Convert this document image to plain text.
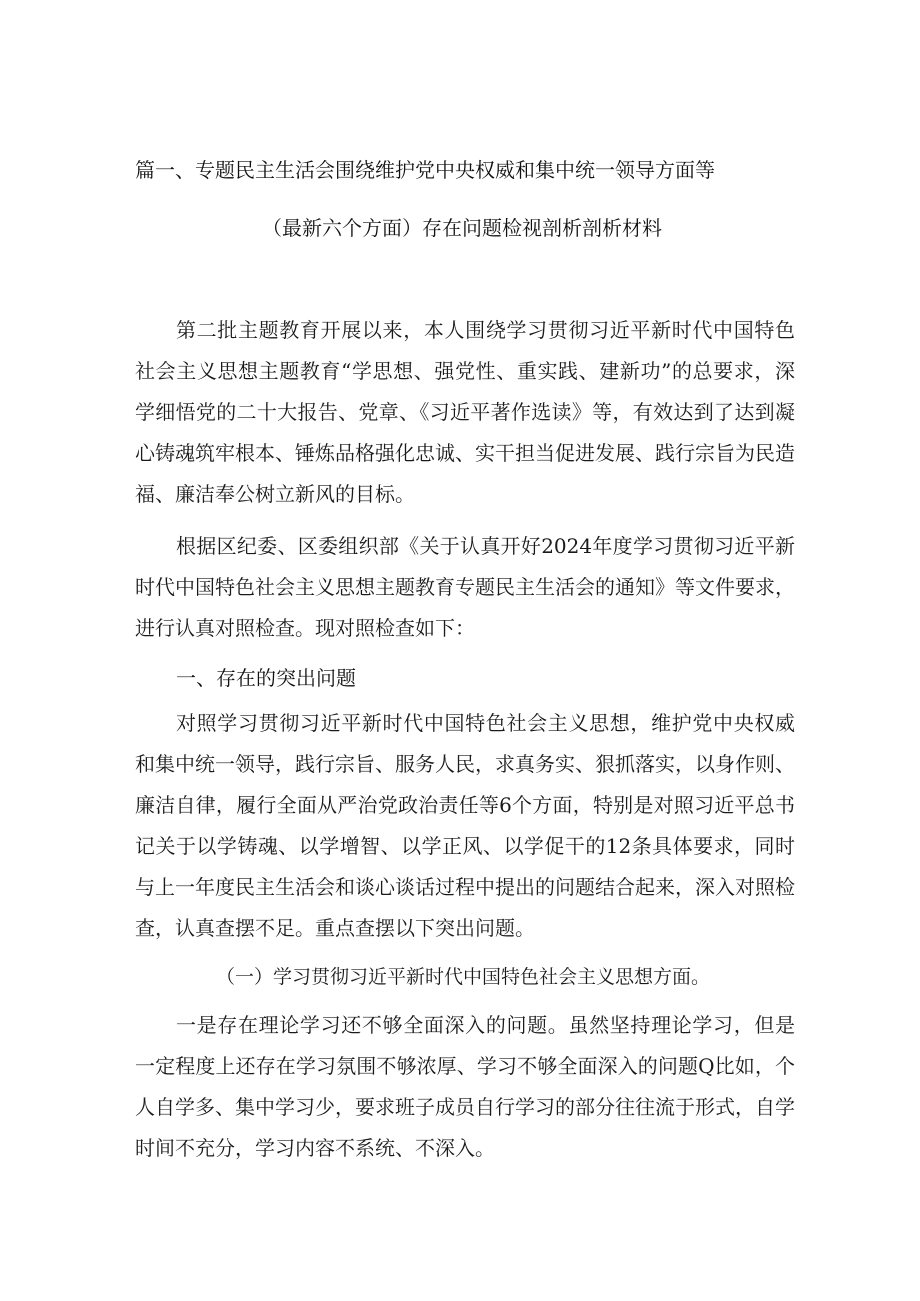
篇一、专题民主生活会围绕维护党中央权威和集中统一领导方面等
（最新六个方面）存在问题检视剖析剖析材料
第二批主题教育开展以来，本人围绕学习贯彻习近平新时代中国特色
社会主义思想主题教育“学思想、强党性、重实践、建新功”的总要求，深
学细悟党的二十大报告、党章、《习近平著作选读》等，有效达到了达到凝
心铸魂筑牢根本、锤炼品格强化忠诚、实干担当促进发展、践行宗旨为民造
福、廉洁奉公树立新风的目标。
根据区纪委、区委组织部《关于认真开好2024年度学习贯彻习近平新
时代中国特色社会主义思想主题教育专题民主生活会的通知》等文件要求，
进行认真对照检查。现对照检查如下：
一、存在的突出问题
对照学习贯彻习近平新时代中国特色社会主义思想，维护党中央权威
和集中统一领导，践行宗旨、服务人民，求真务实、狠抓落实，以身作则、
廉洁自律，履行全面从严治党政治责任等6个方面，特别是对照习近平总书
记关于以学铸魂、以学增智、以学正风、以学促干的12条具体要求，同时
与上一年度民主生活会和谈心谈话过程中提出的问题结合起来，深入对照检
查，认真查摆不足。重点查摆以下突出问题。
（一）学习贯彻习近平新时代中国特色社会主义思想方面。
一是存在理论学习还不够全面深入的问题。虽然坚持理论学习，但是
一定程度上还存在学习氛围不够浓厚、学习不够全面深入的问题Q比如，个
人自学多、集中学习少，要求班子成员自行学习的部分往往流于形式，自学
时间不充分，学习内容不系统、不深入。
